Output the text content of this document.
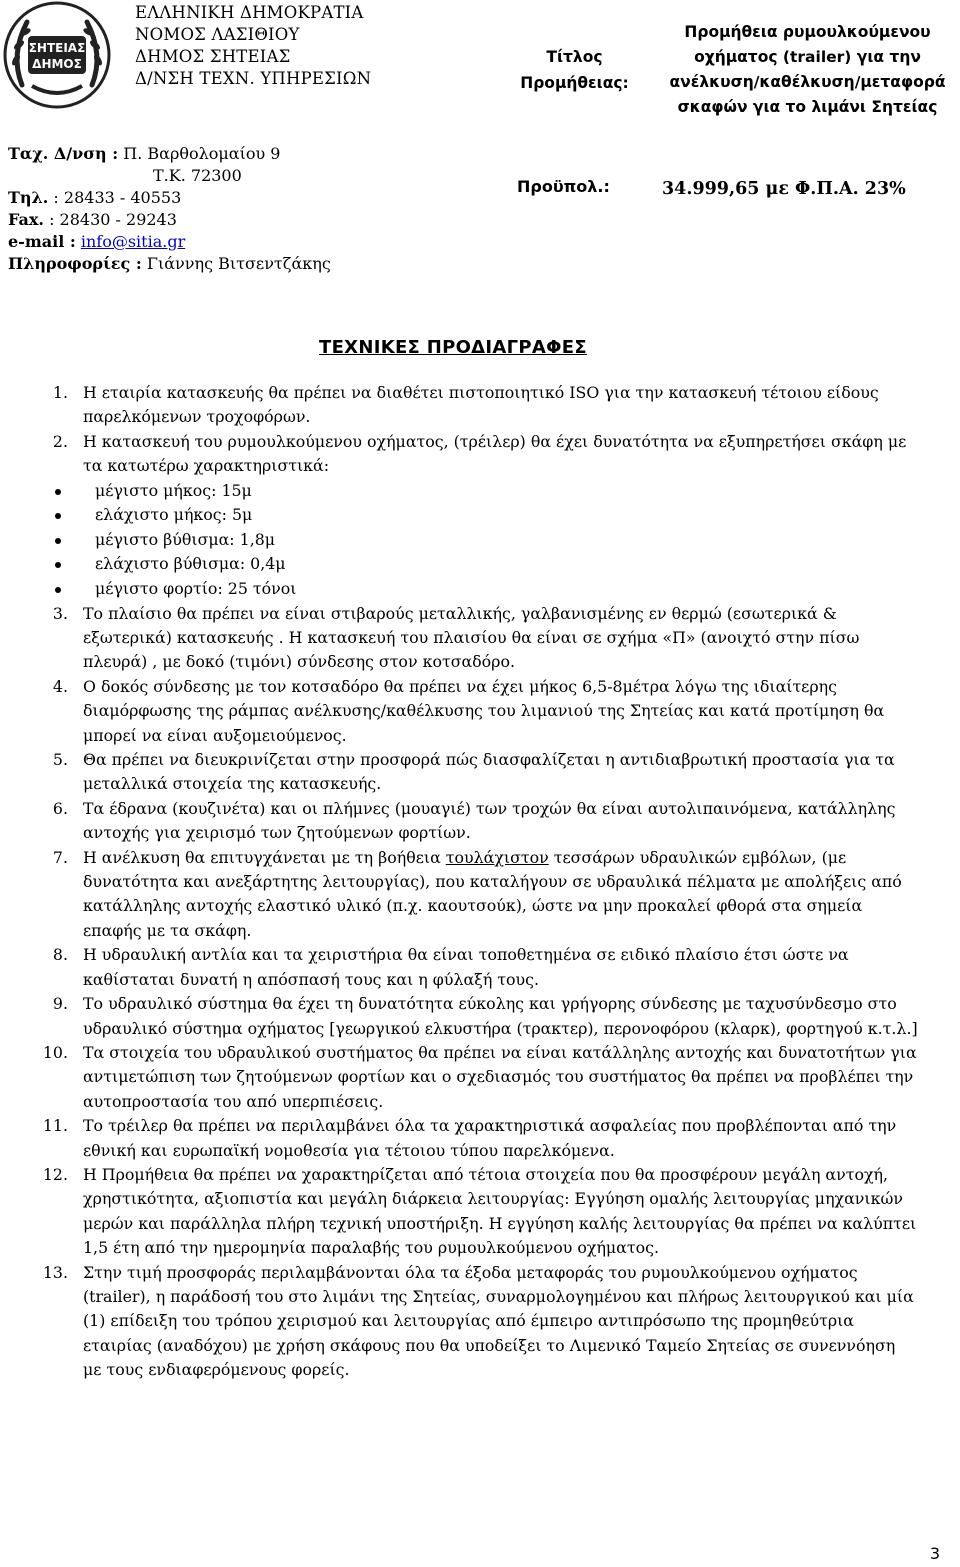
ΣΗΤΕΙΑΣ
ΔΗΜΟΣ
ΕΛΛΗΝΙΚΗ ΔΗΜΟΚΡΑΤΙΑ
ΝΟΜΟΣ ΛΑΣΙΘΙΟΥ
ΔΗΜΟΣ ΣΗΤΕΙΑΣ
Δ/ΝΣΗ ΤΕΧΝ. ΥΠΗΡΕΣΙΩΝ
Τίτλος
Προμήθειας:
Προμήθεια ρυμουλκούμενου
οχήματος (trailer) για την
ανέλκυση/καθέλκυση/μεταφορά
σκαφών για το λιμάνι Σητείας
Ταχ. Δ/νση : Π. Βαρθολομαίου 9
Τ.Κ. 72300
Τηλ. : 28433 - 40553
Fax. : 28430 - 29243
e-mail : info@sitia.gr
Πληροφορίες : Γιάννης Βιτσεντζάκης
Προϋπολ.:	34.999,65 με Φ.Π.Α. 23%
ΤΕΧΝΙΚΕΣ ΠΡΟΔΙΑΓΡΑΦΕΣ
1. Η εταιρία κατασκευής θα πρέπει να διαθέτει πιστοποιητικό ISO για την κατασκευή τέτοιου είδους παρελκόμενων τροχοφόρων.
2. Η κατασκευή του ρυμουλκούμενου οχήματος, (τρέιλερ) θα έχει δυνατότητα να εξυπηρετήσει σκάφη με τα κατωτέρω χαρακτηριστικά:
μέγιστο μήκος: 15μ
ελάχιστο μήκος: 5μ
μέγιστο βύθισμα: 1,8μ
ελάχιστο βύθισμα: 0,4μ
μέγιστο φορτίο: 25 τόνοι
3. Το πλαίσιο θα πρέπει να είναι στιβαρούς μεταλλικής, γαλβανισμένης εν θερμώ (εσωτερικά & εξωτερικά) κατασκευής . Η κατασκευή του πλαισίου θα είναι σε σχήμα «Π» (ανοιχτό στην πίσω πλευρά) , με δοκό (τιμόνι) σύνδεσης στον κοτσαδόρο.
4. Ο δοκός σύνδεσης με τον κοτσαδόρο θα πρέπει να έχει μήκος 6,5-8μέτρα λόγω της ιδιαίτερης διαμόρφωσης της ράμπας ανέλκυσης/καθέλκυσης του λιμανιού της Σητείας και κατά προτίμηση θα μπορεί να είναι αυξομειούμενος.
5. Θα πρέπει να διευκρινίζεται στην προσφορά πώς διασφαλίζεται η αντιδιαβρωτική προστασία για τα μεταλλικά στοιχεία της κατασκευής.
6. Τα έδρανα (κουζινέτα) και οι πλήμνες (μουαγιέ) των τροχών θα είναι αυτολιπαινόμενα, κατάλληλης αντοχής για χειρισμό των ζητούμενων φορτίων.
7. Η ανέλκυση θα επιτυγχάνεται με τη βοήθεια τουλάχιστον τεσσάρων υδραυλικών εμβόλων, (με δυνατότητα και ανεξάρτητης λειτουργίας), που καταλήγουν σε υδραυλικά πέλματα με απολήξεις από κατάλληλης αντοχής ελαστικό υλικό (π.χ. καουτσούκ), ώστε να μην προκαλεί φθορά στα σημεία επαφής με τα σκάφη.
8. Η υδραυλική αντλία και τα χειριστήρια θα είναι τοποθετημένα σε ειδικό πλαίσιο έτσι ώστε να καθίσταται δυνατή η απόσπασή τους και η φύλαξή τους.
9. Το υδραυλικό σύστημα θα έχει τη δυνατότητα εύκολης και γρήγορης σύνδεσης με ταχυσύνδεσμο στο υδραυλικό σύστημα οχήματος [γεωργικού ελκυστήρα (τρακτερ), περονοφόρου (κλαρκ), φορτηγού κ.τ.λ.]
10. Τα στοιχεία του υδραυλικού συστήματος θα πρέπει να είναι κατάλληλης αντοχής και δυνατοτήτων για αντιμετώπιση των ζητούμενων φορτίων και ο σχεδιασμός του συστήματος θα πρέπει να προβλέπει την αυτοπροστασία του από υπερπιέσεις.
11. Το τρέιλερ θα πρέπει να περιλαμβάνει όλα τα χαρακτηριστικά ασφαλείας που προβλέπονται από την εθνική και ευρωπαϊκή νομοθεσία για τέτοιου τύπου παρελκόμενα.
12. Η Προμήθεια θα πρέπει να χαρακτηρίζεται από τέτοια στοιχεία που θα προσφέρουν μεγάλη αντοχή, χρηστικότητα, αξιοπιστία και μεγάλη διάρκεια λειτουργίας: Εγγύηση ομαλής λειτουργίας μηχανικών μερών και παράλληλα πλήρη τεχνική υποστήριξη. Η εγγύηση καλής λειτουργίας θα πρέπει να καλύπτει 1,5 έτη από την ημερομηνία παραλαβής του ρυμουλκούμενου οχήματος.
13. Στην τιμή προσφοράς περιλαμβάνονται όλα τα έξοδα μεταφοράς του ρυμουλκούμενου οχήματος (trailer), η παράδοσή του στο λιμάνι της Σητείας, συναρμολογημένου και πλήρως λειτουργικού και μία (1) επίδειξη του τρόπου χειρισμού και λειτουργίας από έμπειρο αντιπρόσωπο της προμηθεύτρια εταιρίας (αναδόχου) με χρήση σκάφους που θα υποδείξει το Λιμενικό Ταμείο Σητείας σε συνεννόηση με τους ενδιαφερόμενους φορείς.
3
